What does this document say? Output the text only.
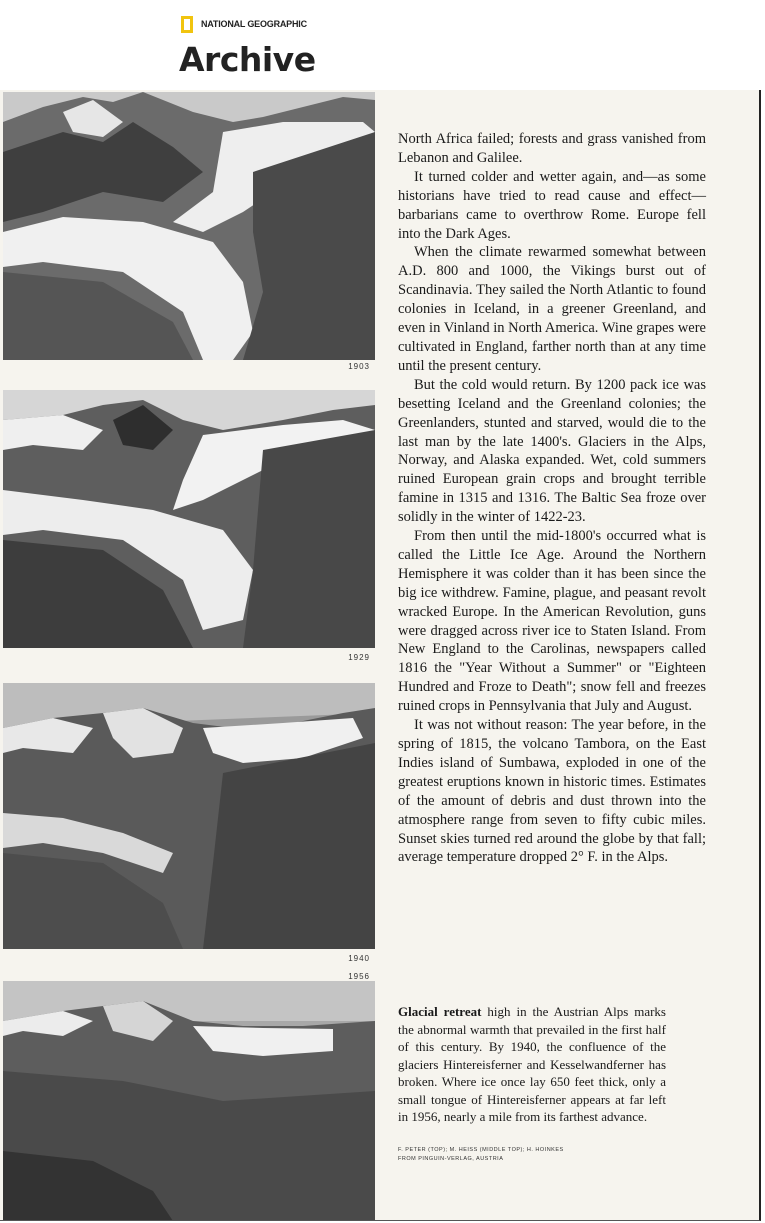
NATIONAL GEOGRAPHIC
Archive
1903
1929
1940
1956

North Africa failed; forests and grass vanished from Lebanon and Galilee.

It turned colder and wetter again, and—as some historians have tried to read cause and effect—barbarians came to overthrow Rome. Europe fell into the Dark Ages.

When the climate rewarmed somewhat between A.D. 800 and 1000, the Vikings burst out of Scandinavia. They sailed the North Atlantic to found colonies in Iceland, in a greener Greenland, and even in Vinland in North America. Wine grapes were cultivated in England, farther north than at any time until the present century.

But the cold would return. By 1200 pack ice was besetting Iceland and the Greenland colonies; the Greenlanders, stunted and starved, would die to the last man by the late 1400's. Glaciers in the Alps, Norway, and Alaska expanded. Wet, cold summers ruined European grain crops and brought terrible famine in 1315 and 1316. The Baltic Sea froze over solidly in the winter of 1422-23.

From then until the mid-1800's occurred what is called the Little Ice Age. Around the Northern Hemisphere it was colder than it has been since the big ice withdrew. Famine, plague, and peasant revolt wracked Europe. In the American Revolution, guns were dragged across river ice to Staten Island. From New England to the Carolinas, newspapers called 1816 the "Year Without a Summer" or "Eighteen Hundred and Froze to Death"; snow fell and freezes ruined crops in Pennsylvania that July and August.

It was not without reason: The year before, in the spring of 1815, the volcano Tambora, on the East Indies island of Sumbawa, exploded in one of the greatest eruptions known in historic times. Estimates of the amount of debris and dust thrown into the atmosphere range from seven to fifty cubic miles. Sunset skies turned red around the globe by that fall; average temperature dropped 2° F. in the Alps.

Glacial retreat high in the Austrian Alps marks the abnormal warmth that prevailed in the first half of this century. By 1940, the confluence of the glaciers Hintereisferner and Kesselwandferner has broken. Where ice once lay 650 feet thick, only a small tongue of Hintereisferner appears at far left in 1956, nearly a mile from its farthest advance.
F. PETER (TOP); M. HEISS (MIDDLE TOP); H. HOINKES
FROM PINGUIN-VERLAG, AUSTRIA
